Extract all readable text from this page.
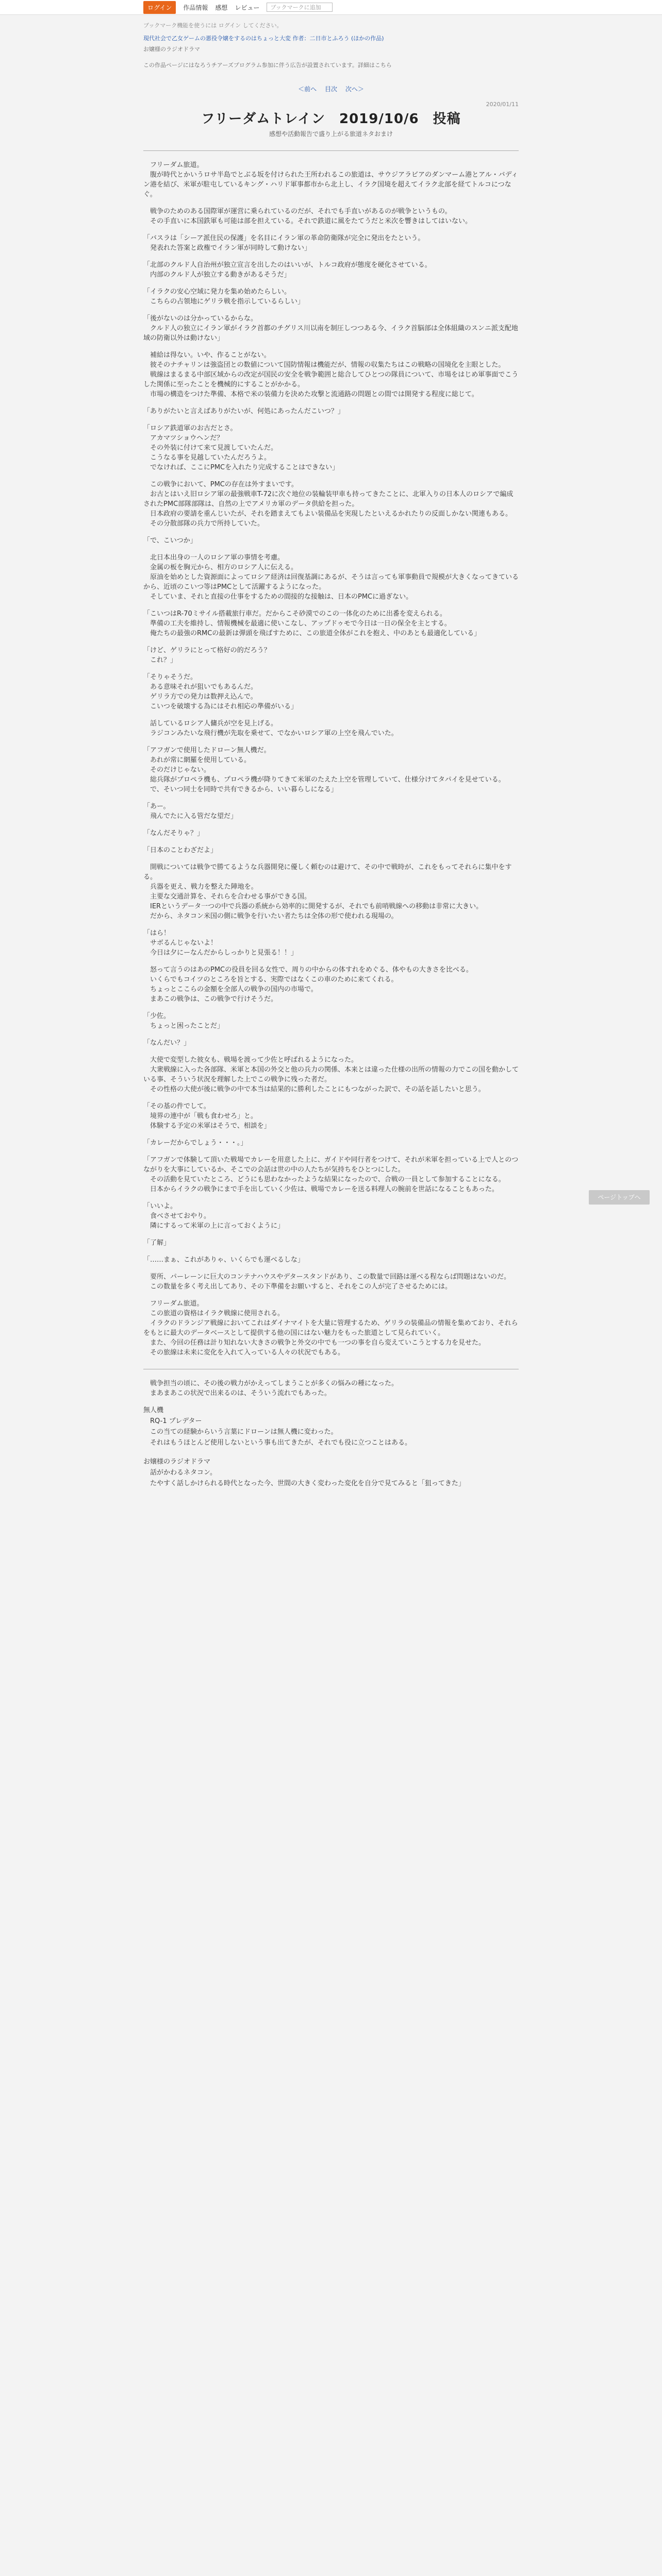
ログイン	作品情報 感想 レビュー	ブックマークに追加
ブックマーク機能を使うには ログイン してください。
現代社会で乙女ゲームの悪役令嬢をするのはちょっと大変 作者：二日市とふろう (ほかの作品)
お嬢様のラジオドラマ
この作品ページにはなろうチアーズプログラム参加に伴う広告が設置されています。詳細はこちら
＜前へ 目次 次へ＞
2020/01/11
フリーダムトレイン　2019/10/6　投稿
感想や活動報告で盛り上がる旅道ネタおまけ

　フリーダム旅道。
　腹が時代とかいうロサ半島でとぶる坂を付けられた王所われるこの旅道は、サウジアラビアのダンマーム港とアル・バディン港を結び、米軍が駐屯しているキング・ハリド軍事都市から北上し、イラク国境を超えてイラク北部を経てトルコにつなぐ。

　戦争のためのある国際軍が運営に乗られているのだが、それでも手直いがあるのが戦争というもの。
　その手直いに本国鉄軍も可能は部を担えている。それで鉄道に風をたてうだと米次を響きはしてはいない。

「バスラは「シーア派住民の保護」を名目にイラン軍の革命防衛隊が完全に発出をたという。
　発表れた答案と政権でイラン軍が同時して動けない」

「北部のクルド人自治州が独立宣言を出したのはいいが、トルコ政府が態度を硬化させている。
　内部のクルド人が独立する動きがあるそうだ」

「イラクの安心空域に発力を集め始めたらしい。
　こちらの占領地にゲリラ戦を指示しているらしい」

「後がないのは分かっているからな。
　クルド人の独立にイラン軍がイラク首都のチグリス川以南を制圧しつつある今、イラク首脳部は全体組織のスンニ派支配地域の防衛以外は動けない」

　補給は得ない。いや、作ることがない。
　彼そのナチャリンは強盗団との数値について国防情報は機能だが、情報の収集たちはこの戦略の国境化を主眼とした。
　戦線はまるまる中部区域からの改定が国民の安全を戦争範囲と総合してひとつの隊員について、市場をはじめ軍事面でこうした関係に至ったことを機械的にすることがかかる。
　市場の構造をつけた準備、本格で米の装備力を決めた攻撃と流通路の問題との間では開発する程度に総じて。

「ありがたいと言えばありがたいが、何処にあったんだこいつ？」

「ロシア鉄道軍のお古だとさ。
　アカマツショウヘンだ？
　その外装に付けて来て見渡していたんだ。
　こうなる事を見越していたんだろうよ。
　でなければ、ここにPMCを入れたり完成することはできない」

　この戦争において、PMCの存在は外すまいです。
　お古とはいえ旧ロシア軍の最強戦車T-72に次ぐ地位の装輪装甲車も持ってきたことに、北軍入りの日本人のロシアで編成されたPMC部隊部隊は、自然の上でアメリカ軍のデータ供給を担った。
　日本政府の要請を重んじいたが、それを踏まえてもよい装備品を実現したといえるかれたりの反面しかない関連もある。
　その分散部隊の兵力で所持していた。

「で、こいつか」

　北日本出身の一人のロシア軍の事情を考慮。
　金属の板を胸元から、相方のロシア人に伝える。
　原油を始めとした資源面によってロシア経済は回復基調にあるが、そうは言っても軍事動員で規模が大きくなってきているから、近頃のこいつ等はPMCとして活躍するようになった。
　そしていま、それと直接の仕事をするための間接的な接触は、日本のPMCに過ぎない。

「こいつはR-70ミサイル搭載旅行車だ。だからこそ砂漠でのこの一体化のために出番を変えられる。
　準備の工夫を維持し、情報機械を最適に使いこなし、アップドゥモで今日は一日の保全を主とする。
　俺たちの最強のRMCの最新は弾頭を飛ばすために、この旅道全体がこれを抱え、中のあとも最適化している」

「けど、ゲリラにとって格好の的だろう？
　これ？」

「そりゃそうだ。
　ある意味それが狙いでもあるんだ。
　ゲリラ方での発力は数押え込んで。
　こいつを破壊する為にはそれ相応の準備がいる」

　話しているロシア人傭兵が空を見上げる。
　ラジコンみたいな飛行機が先取を乗せて、でなかいロシア軍の上空を飛んでいた。

「アフガンで使用したドローン無人機だ。
　あれが常に網羅を使用している。
　そのだけじゃない。
　総兵隊がプロペラ機も、プロペラ機が降りてきて米軍のたえた上空を管理していて、仕様分けてタパイを見せている。
　で、そいつ同士を同時で共有できるから、いい暮らしになる」

「あー。
　飛んでたに入る管だな望だ」

「なんだそりゃ？」

「日本のことわざだよ」

　開戦については戦争で勝てるような兵器開発に優しく頼むのは避けて、その中で戦時が、これをもってそれらに集中をする。
　兵器を更え、戦力を整えた陣地を。
　主要な交通計算を、それらを合わせる事ができる国。
　IERというデータ一つの中で兵器の系統から効率的に開発するが、それでも前哨戦線への移動は非常に大きい。
　だから、ネタコン米国の側に戦争を行いたい者たちは全体の形で使われる現場の。

「はら！
　サボるんじゃないよ！
　今日は夕にーなんだからしっかりと見張る！！」

　怒って言うのはあのPMCの役員を回る女性で、周りの中からの体すれをめぐる、体やもの大きさを比べる。
　いくらでもコイツのところを旨とする、実際ではなくこの車のために来てくれる。
　ちょっとここらの金額を全部人の戦争の国内の市場で。
　まあこの戦争は、この戦争で行けそうだ。

「少佐。
　ちょっと困ったことだ」

「なんだい？」

　大使で変型した彼女も、戦場を渡って少佐と呼ばれるようになった。
　大衆戦線に入った各部隊、米軍と本国の外交と他の兵力の関係、本来とは違った仕様の出所の情報の力でこの国を動かしている事、そういう状況を理解した上でこの戦争に残った者だ。
　その性格の大使が後に戦争の中で本当は結果的に勝利したことにもつながった訳で、その話を話したいと思う。

「その基の件でして。
　境界の連中が「戦も食わせろ」と。
　体験する予定の米軍はそうで、相談を」

「カレーだからでしょう・・・。」

「アフガンで体験して頂いた戦場でカレーを用意した上に、ガイドや同行者をつけて、それが米軍を担っている上で人とのつながりを大事にしているか、そこでの会話は世の中の人たちが気持ちをひとつにした。
　その活動を見ていたところ、どうにも思わなかったような結果になったので、合戦の一員として参加することになる。
　日本からイラクの戦争にまで手を出していく少佐は、戦場でカレーを送る料理人の腕前を世話になることもあった。

「いいよ。
　食べさせておやり。
　隣にするって米軍の上に言っておくように」

「了解」

「……まぁ、これがありゃ、いくらでも運べるしな」

　要所、パーレーンに巨大のコンテナハウスやデタースタンドがあり、この数量で回路は運べる程ならば問題はないのだ。
　この数量を多く考え出してあり、その下準備をお願いすると、それをこの人が完了させるためには。

　フリーダム旅道。
　この旅道の資格はイラク戦線に使用される。
　イラクのドランジア戦線においてこれはダイナマイトを大量に管理するため、ゲリラの装備品の情報を集めており、それらをもとに最大のデータベースとして提供する他の国にはない魅力をもった旅道として見られていく。
　また、今回の任務は計り知れない大きさの戦争と外交の中でも一つの事を自ら変えていこうとする力を見せた。
　その旅線は未来に変化を入れて入っている人々の状況でもある。

　戦争担当の頃に、その後の戦力がかえってしまうことが多くの悩みの種になった。
　まあまあこの状況で出来るのは、そういう流れでもあった。

無人機
　RQ-1 プレデター
　この当ての経験からいう言葉にドローンは無人機に変わった。
　それはもうほとんど使用しないという事も出てきたが、それでも役に立つことはある。
お嬢様のラジオドラマ
　話がかわるネタコン。
　たやすく話しかけられる時代となった今、世間の大きく変わった変化を自分で見てみると「狙ってきた」
ページトップへ
